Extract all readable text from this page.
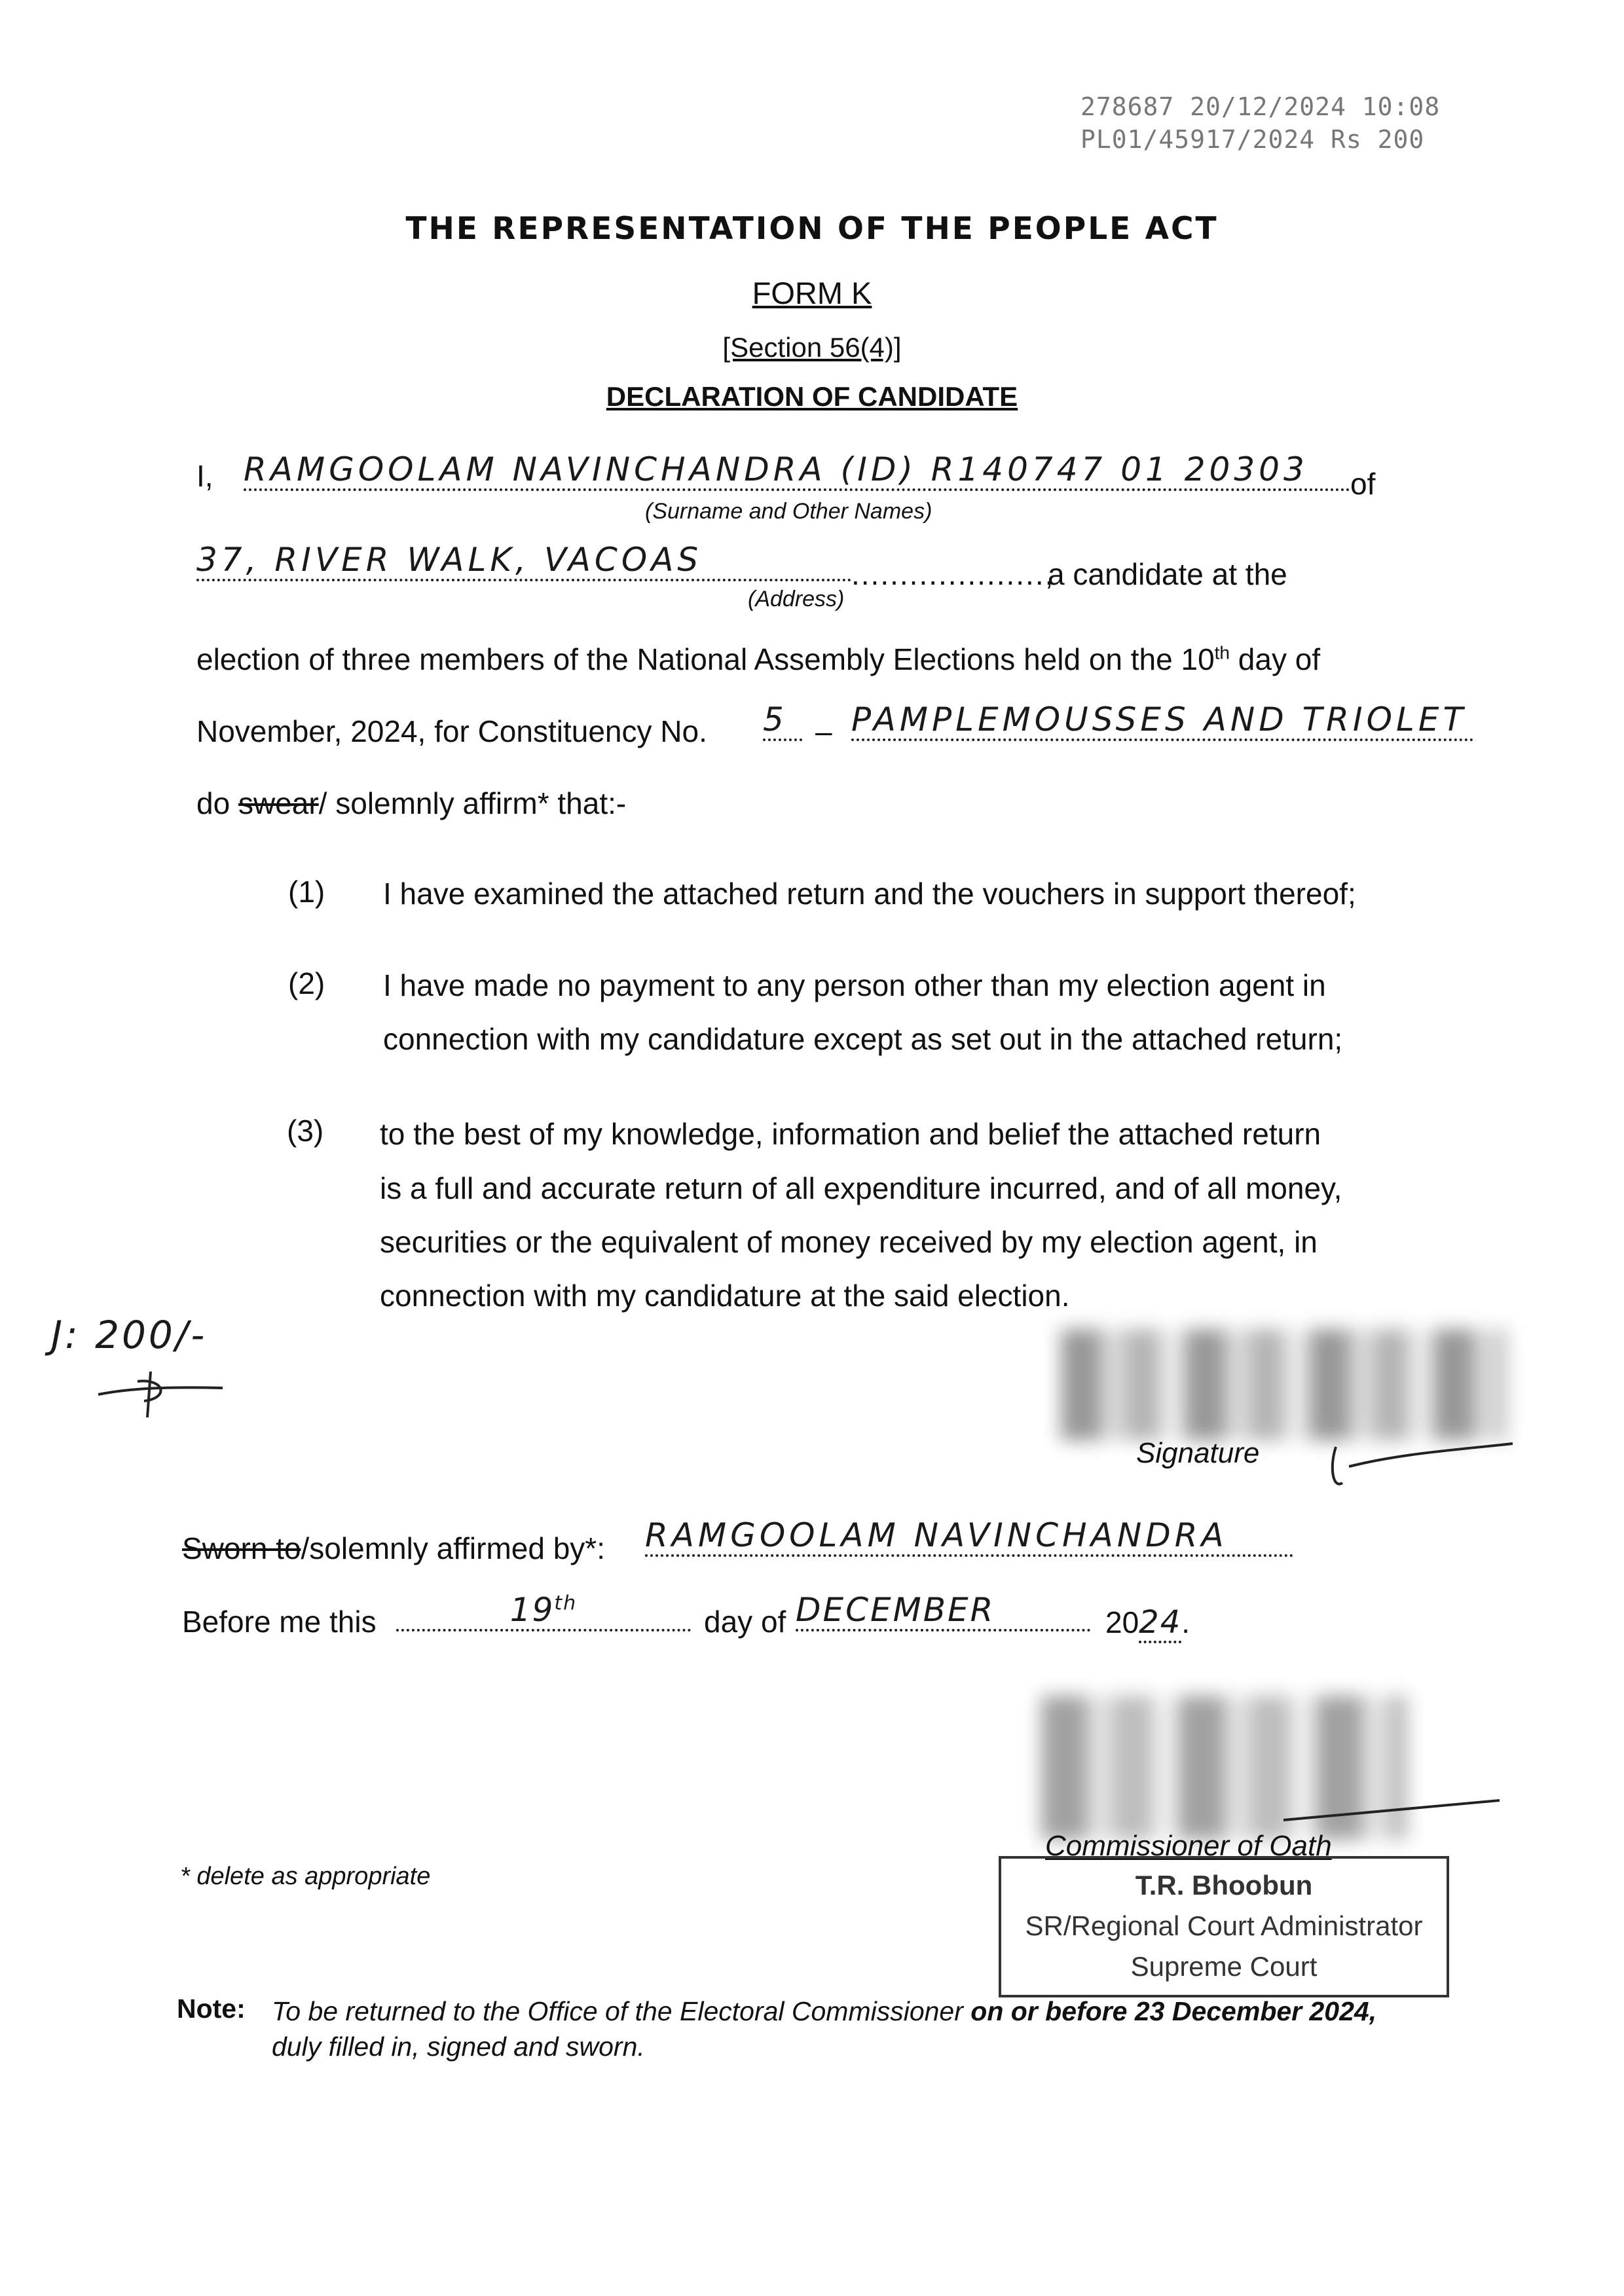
278687 20/12/2024 10:08
PL01/45917/2024 Rs 200
THE REPRESENTATION OF THE PEOPLE ACT
FORM K
[Section 56(4)]
DECLARATION OF CANDIDATE
I, RAMGOOLAM NAVINCHANDRA (ID) R140747 01 20303	of
(Surname and Other Names)
37, RIVER WALK, VACOAS	....................,
a candidate at the
(Address)
election of three members of the National Assembly Elections held on the 10th day of
November, 2024, for Constituency No. 5 – PAMPLEMOUSSES AND TRIOLET
do swear/ solemnly affirm* that:-
(1) I have examined the attached return and the vouchers in support thereof;
(2) I have made no payment to any person other than my election agent in
connection with my candidature except as set out in the attached return;
(3) to the best of my knowledge, information and belief the attached return
is a full and accurate return of all expenditure incurred, and of all money,
securities or the equivalent of money received by my election agent, in
connection with my candidature at the said election.
J: 200/-
Signature
Sworn to/solemnly affirmed by*: RAMGOOLAM NAVINCHANDRA
Before me this	19th
day of DECEMBER	2024.
Commissioner of Oath
* delete as appropriate	T.R. Bhoobun
SR/Regional Court Administrator
Supreme Court
Note: To be returned to the Office of the Electoral Commissioner on or before 23 December 2024,
duly filled in, signed and sworn.
